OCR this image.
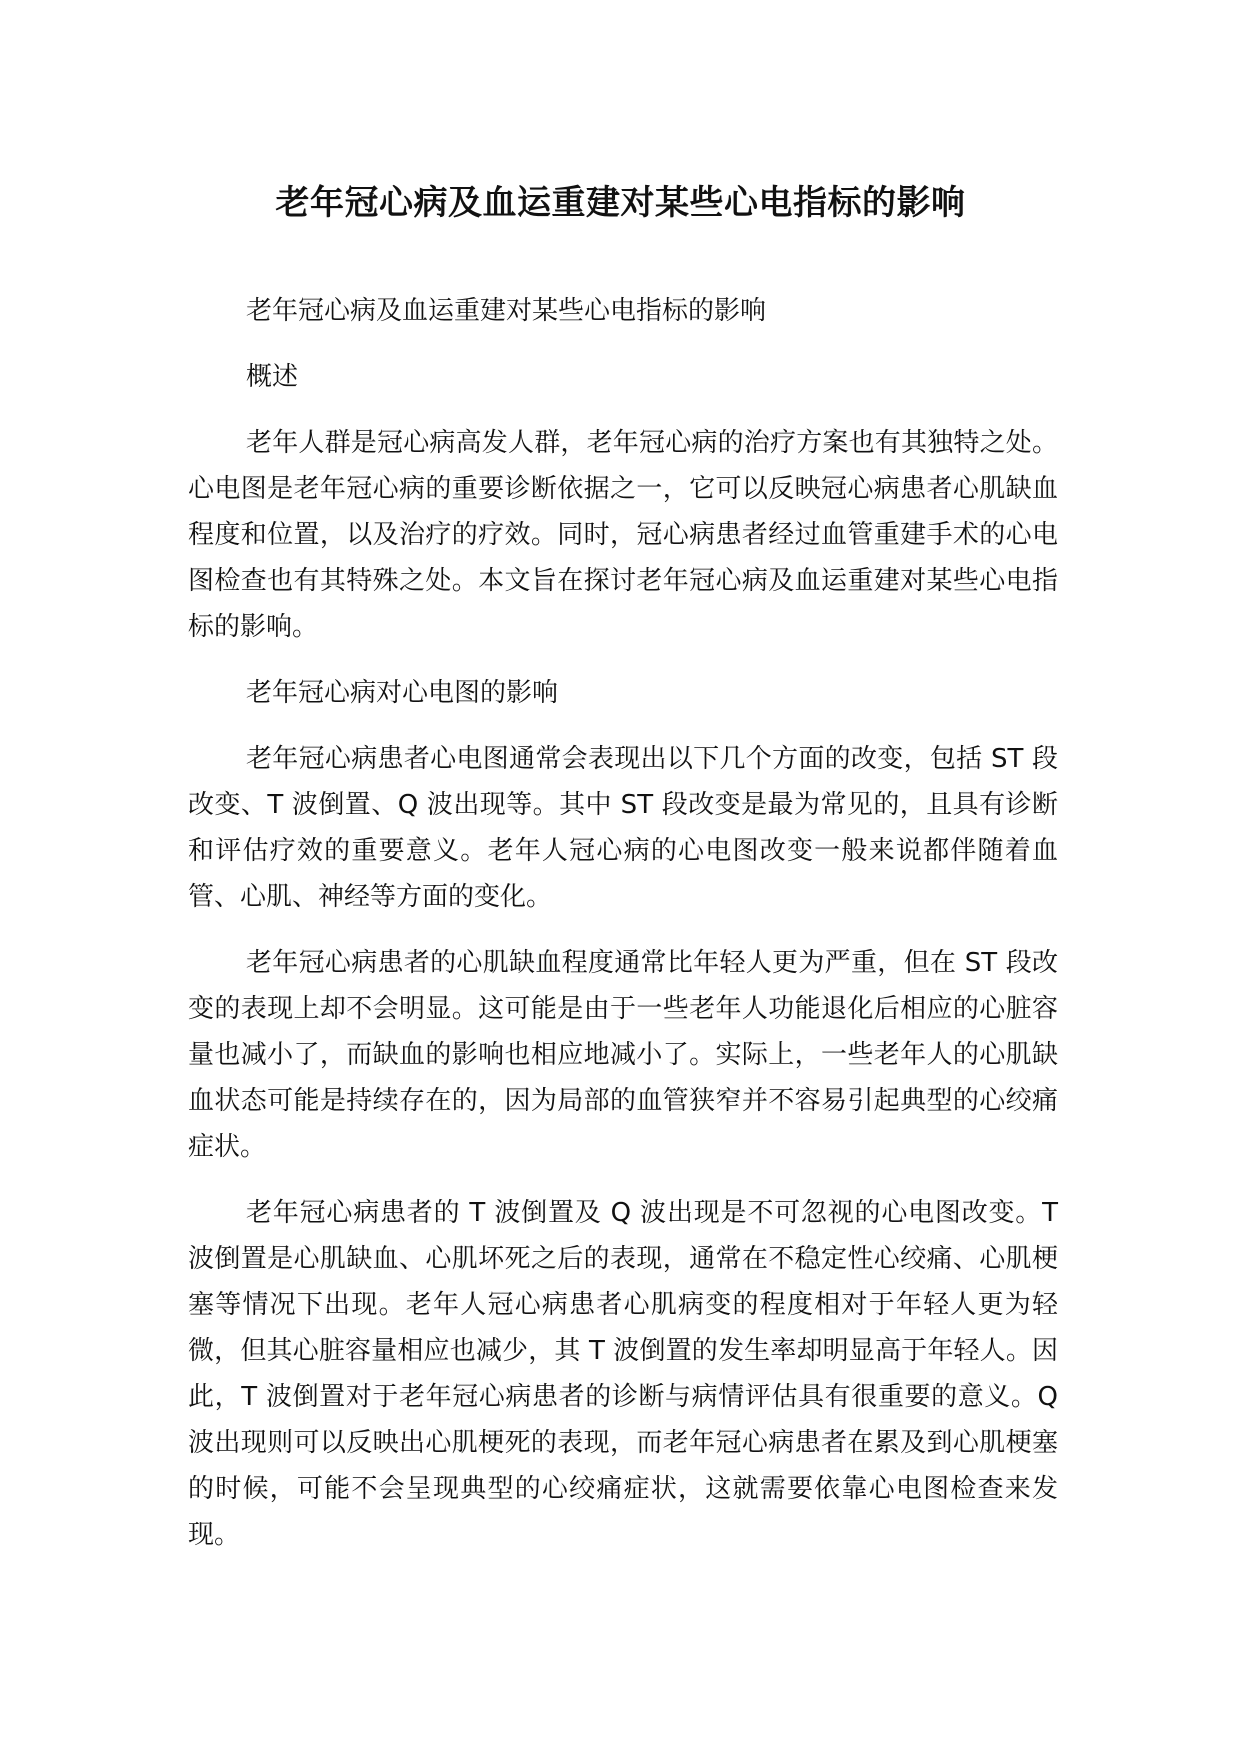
老年冠心病及血运重建对某些心电指标的影响

老年冠心病及血运重建对某些心电指标的影响

概述

老年人群是冠心病高发人群，老年冠心病的治疗方案也有其独特之处。心电图是老年冠心病的重要诊断依据之一，它可以反映冠心病患者心肌缺血程度和位置，以及治疗的疗效。同时，冠心病患者经过血管重建手术的心电图检查也有其特殊之处。本文旨在探讨老年冠心病及血运重建对某些心电指标的影响。

老年冠心病对心电图的影响

老年冠心病患者心电图通常会表现出以下几个方面的改变，包括 ST 段改变、T 波倒置、Q 波出现等。其中 ST 段改变是最为常见的，且具有诊断和评估疗效的重要意义。老年人冠心病的心电图改变一般来说都伴随着血管、心肌、神经等方面的变化。

老年冠心病患者的心肌缺血程度通常比年轻人更为严重，但在 ST 段改变的表现上却不会明显。这可能是由于一些老年人功能退化后相应的心脏容量也减小了，而缺血的影响也相应地减小了。实际上，一些老年人的心肌缺血状态可能是持续存在的，因为局部的血管狭窄并不容易引起典型的心绞痛症状。

老年冠心病患者的 T 波倒置及 Q 波出现是不可忽视的心电图改变。T 波倒置是心肌缺血、心肌坏死之后的表现，通常在不稳定性心绞痛、心肌梗塞等情况下出现。老年人冠心病患者心肌病变的程度相对于年轻人更为轻微，但其心脏容量相应也减少，其 T 波倒置的发生率却明显高于年轻人。因此，T 波倒置对于老年冠心病患者的诊断与病情评估具有很重要的意义。Q 波出现则可以反映出心肌梗死的表现，而老年冠心病患者在累及到心肌梗塞的时候，可能不会呈现典型的心绞痛症状，这就需要依靠心电图检查来发现。
